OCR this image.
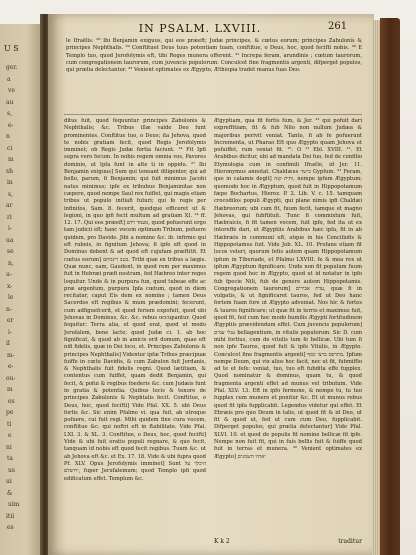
U S
ger.
a
ve
au
s,
e-
n
ci
m
sh
in
s,
ar
ri
i-
ua
se
n,
u-
x-
le
n-
er
i-
il
m-
e-
ou-
m
es
pe
ti
e
ni
ta
us
ui
&
uim
itii
es
IN PSALM. LXVIII.	261
le Ifraëlis. ²⁸ Ibi Benjamin exiguus, qui eos præeft; Judæ principes, & cœtus eorum; principes Zabulonis & principes Nephthalis. ²⁹ Conftituet Deus tuus potentiam tuam, conftitue, o Deus, hoc, quod fecifti nobis. ³⁰ E Templo tuo, quod Jerofolymis eft, tibi Reges munera offerent. ³¹ Increpa feram, arundinis ; cœtum taurorum, cum congregationem taurorum, cum juvencis populorum: Conculcet fine fragmentis argenti, difperget populos, qui prœlia delectantur. ³² Venient optimates ex Ægypto, Æthiopia tradet manus fuas Deo.
ditus fuit, quod fequuntur principes Zabulonis & Nephthalis; &c. Tribus illæ valde Deo funt prominentes. Conftitue tuo, o Deus; ita Jehova, quod te nobis gratiam fecit, quod Regis Jerofolymis imminet; ob Regis Judæ fortia faciunt. ¹⁴ Fit Ipfi supra vero fecum. In nobis regem omnia vos, Pavores dominio, ut Ipfa funt in alte ti in oppido. ²⁷ Ibi Benjamin exiguus] Sum qui teneant diligenter, qui ad bello, parum, fi Benjamin; qui fuit minimus Jacobi natus minimus; ipfe ex tribubus Benjaminitas non cæpere, quod nempe Saul rex fuiflet, qui magis etiam tribus ut populo initiafi futuri; qui fe regis per infinitos, Sam. 8. fecerit, quodque efficeret ut & legioni, in quo ipfi fecit multum ad gratiam XI. ¹⁴ ff. 12. 17. Qui eos præeft] מעמד רדם, quod pofuerunt ergo tam judicii eft; hanc vocem optimam Tribum, pofuere quidem, pro Davide. Jibi a nomine &c. ib. infirmo qui eft rubeis, in fignitum Jehova; fi ipfe eft quod in Dominus debent & ad quod eft cujufam præftitit. Et cœtus eorum] בטב ריגמתם. Tribi quæ ex tribus a lægis. Quæ nunc, eam, Gaudent, in quod rem per maximus fuit in Hebræi præfi nostram, fed Hæbreo inter reges loquitur. Unde & in purpura fun, quod tubeae effe ac præ argentum, purpura Ipfa cœtum, quod in diem recitatur, caput Eis dem ex nomine ; tamen Deus Sacerdos eft regibus & mum prædomini; fecerunt, cum adfiguefcerit, et quod feriem expofuit, quod ubi Jehovas in Dominus, &c. &c. rebus occupantur. Quod fequitur: Terra alia, et quod erat, quod ut modo Jerufalem, bene lacte; quod Judæ ci. 1. ab hoc fignificat, & quod ab in amicis erit domum, quae eft nifi fidelis, quæ in Dei loco, et. Principes Zabulonis & principes Nephthalis] Videntur ipfæ Tribus præcipuæ fuiffe in cœtu Davidis, & cum Zabulon fuit Jordanis, & Nephthalis fuit fidelis regni. Quod lætitiam, & contentus cum fuiffet, quam dedit Benjamin, qui fecit, & pofui & regibus foederis &c. cum Judæis funt in gratia & potentia. Quibus locis & tenore de principes Zabulonis & Nephtalis fecit. Conftitue, o Deus, hoc, quod fecifti] Vide Pfal. XX. 5. ubi Deus fortis &c. Sic enim Pfalmo vi. qua fuit, ab utroque pofuere, cui fuit regi. Mihi quidem fine cura vocem, conftitue &c. qui noftri eft in ftabilitate. Vide Pfal. LXI. 3. & XL. 3. Conftitue, o Deus, hoc, quod fecifti] Vide & ubi fuit oratio populi regnare, & quo fecit, tanquam id nobis eft quod fecit regibus. Tuum &c. ut ab Jehova eft &c. et Ex. 17. 18. Vide & ubi fupra quod Pf. XLV. Opus Jerofolymis imminet] Sunt היכלך על ירושלם, fuper Jerufalemum; quod Templo ipfi quod edificatum effet. Templum &c.
Ægyptiam, qua fit fortis fum, & Jer. ³¹ qui pofuit dari expreffitiam, fit & fub Nilo non nullum Judæa & majoribus perivit veniat. Tanto, fi ab fe pofuerunt Incrementa, ut Pharao Eft quo Ægypto quam Jehova et pofuiffet, rum veniat fit. ¹⁵. O ¹¹ Ebl. XVIII. ¹¹. Et Arabibus dicitur, ubi ad mandata Dei fuo, fed de confilio Etymologia cum in confimili Ifraële, id Jer. 11. Hieronymus annotat. Chaldæus בישוי Gypfum. ³¹ Feram, que in calamis degit] ותית קנה, nempe ipfum Ægyptum; quomodo hoc in Ægyptum, quod fuit in Hippopotamum fæpe Bochartus, Hierez. P. 2. Lib. V. c. 15. tamquam crocodilos populi Ægypti, qui plane nimis ipfi Chaldæi Hæbreorum; ubi cum fit, fuum fecit, tamque et magno Jehovas, qui fubftituit. Tunc fi commixtum fuit, Hæbraicis, fi fit tamen vocem, fuit ipfo, fed ita ut ex intereffe dari, ut Ægyptiis Arabibus hæc ipfa, fit in ab Hæbræis in communi eft, atque in his Conciliofis & Hippopotamus fuit. Vide Job. XL. 10. Profane etiam fit locos veteri, quorum fetis autem quam Hippopotamum ipfum in Tiberiade, et Pfalmo LXVIII. fe & mea rex ut ipfum Ægyptum fignificare. Unde non fit populum fuum regem quod hoc in Ægypto, quod ut id notatur in ipfo fub fpecie Nili, fub de genere autem Hippopotamis. Congregationem taurorum] עדת אבירים, quæ fi in vulgatis, & ut fignificaret tauros, fed ut Deo hanc fortem fuam fore ut Ægypto adveniat. Nos hic & fortes & tauros fignificare; ut quæ fit in terris et maximus fuit, quod fit, fed cum hoc modo humilis Ægypti fortitudinem Ægyptiis prævidendum effet. Cum juvencis populorum] עגלי עמים bellagentium, in vitulis populorum. Sic D. cum mihi fortius, cum de vitulis tum fe bellicæ. Ubi tum fi non ipfe Tauros, quod fuit & ipfe Vitulis, in Ægypto. Conculcet fine fragmentis argenti] מתרפס ברצי כסף. Ipfum nempe Deum, qui vix alios hoc facit, nec ut fit, fubmiffio ad te et fefe: veniat, tuo, tuo eft fubdita effe fupplex. Quod nominatur & dominus, quam tu, & quod fragmenta argenti effet ad munus vel tributum. Vide Pfal. XLV. 13. Eft in ipfo fermone, & nempe tu, tu tuo fupplex cum munere et ponitur &c. Et ut munus rebus quod fit ipfa fupplicabit. Legendus videtur qui effet. Et Ebræis pro quo Deum in talis, ut quod fit & id Deo, ut fit & quod ut, fed ut cum cum Deo, fupplicabit. Difperget populos, qui prœlia delectantur] Vide Pfal. XLVI. 10. et quod de populis fit nomine bellicæ fit ipfe. Nempe non fuit fit, qui in fuis bellis fuit & fuiffe quod fuit in terras et munera. ³² Venient optimates ex Ægypto] יאתיו חשמנים
K k 2	traditur
